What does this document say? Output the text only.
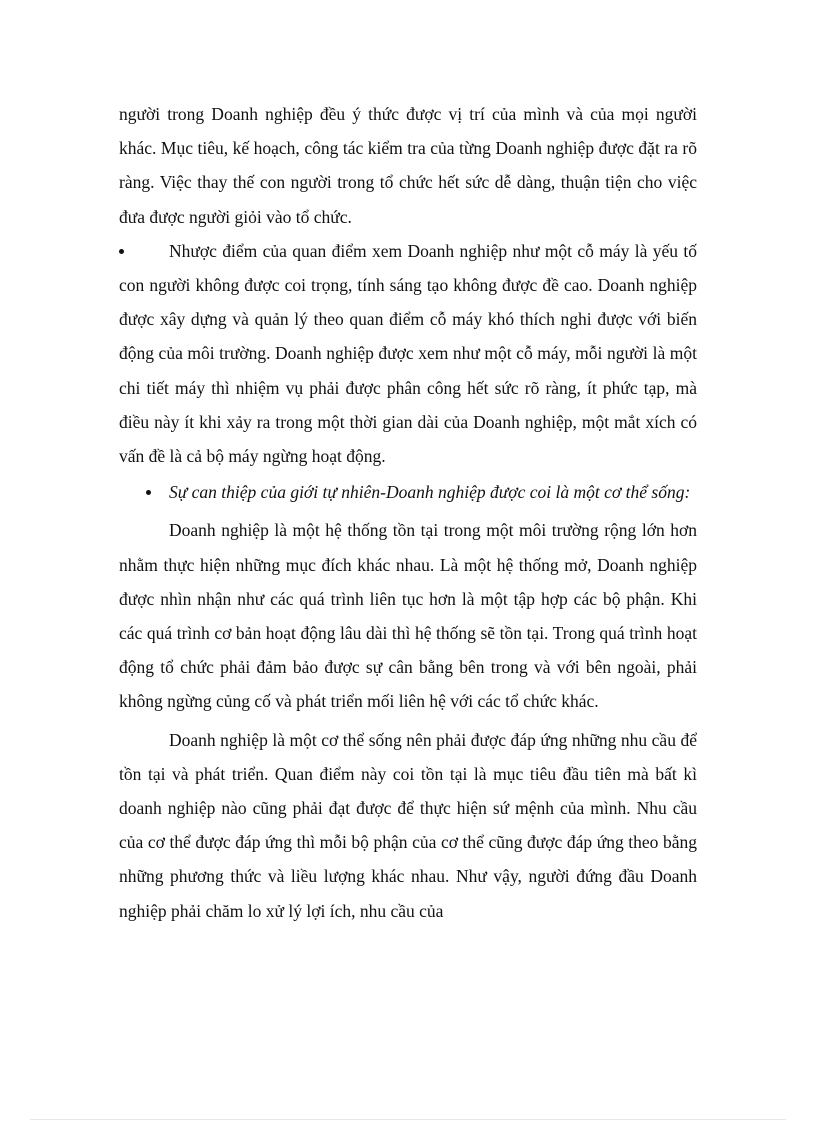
người trong Doanh nghiệp đều ý thức được vị trí của mình và của mọi người khác. Mục tiêu, kế hoạch, công tác kiểm tra của từng Doanh nghiệp được đặt ra rõ ràng. Việc thay thế con người trong tổ chức hết sức dễ dàng, thuận tiện cho việc đưa được người giỏi vào tổ chức.

Nhược điểm của quan điểm xem Doanh nghiệp như một cỗ máy là yếu tố con người không được coi trọng, tính sáng tạo không được đề cao. Doanh nghiệp được xây dựng và quản lý theo quan điểm cỗ máy khó thích nghi được với biến động của môi trường. Doanh nghiệp được xem như một cỗ máy, mỗi người là một chi tiết máy thì nhiệm vụ phải được phân công hết sức rõ ràng, ít phức tạp, mà điều này ít khi xảy ra trong một thời gian dài của Doanh nghiệp, một mắt xích có vấn đề là cả bộ máy ngừng hoạt động.

Sự can thiệp của giới tự nhiên-Doanh nghiệp được coi là một cơ thể sống:

Doanh nghiệp là một hệ thống tồn tại trong một môi trường rộng lớn hơn nhằm thực hiện những mục đích khác nhau. Là một hệ thống mở, Doanh nghiệp được nhìn nhận như các quá trình liên tục hơn là một tập hợp các bộ phận. Khi các quá trình cơ bản hoạt động lâu dài thì hệ thống sẽ tồn tại. Trong quá trình hoạt động tổ chức phải đảm bảo được sự cân bằng bên trong và với bên ngoài, phải không ngừng củng cố và phát triển mối liên hệ với các tổ chức khác.

Doanh nghiệp là một cơ thể sống nên phải được đáp ứng những nhu cầu để tồn tại và phát triển. Quan điểm này coi tồn tại là mục tiêu đầu tiên mà bất kì doanh nghiệp nào cũng phải đạt được để thực hiện sứ mệnh của mình. Nhu cầu của cơ thể được đáp ứng thì mỗi bộ phận của cơ thể cũng được đáp ứng theo bằng những phương thức và liều lượng khác nhau. Như vậy, người đứng đầu Doanh nghiệp phải chăm lo xử lý lợi ích, nhu cầu của
